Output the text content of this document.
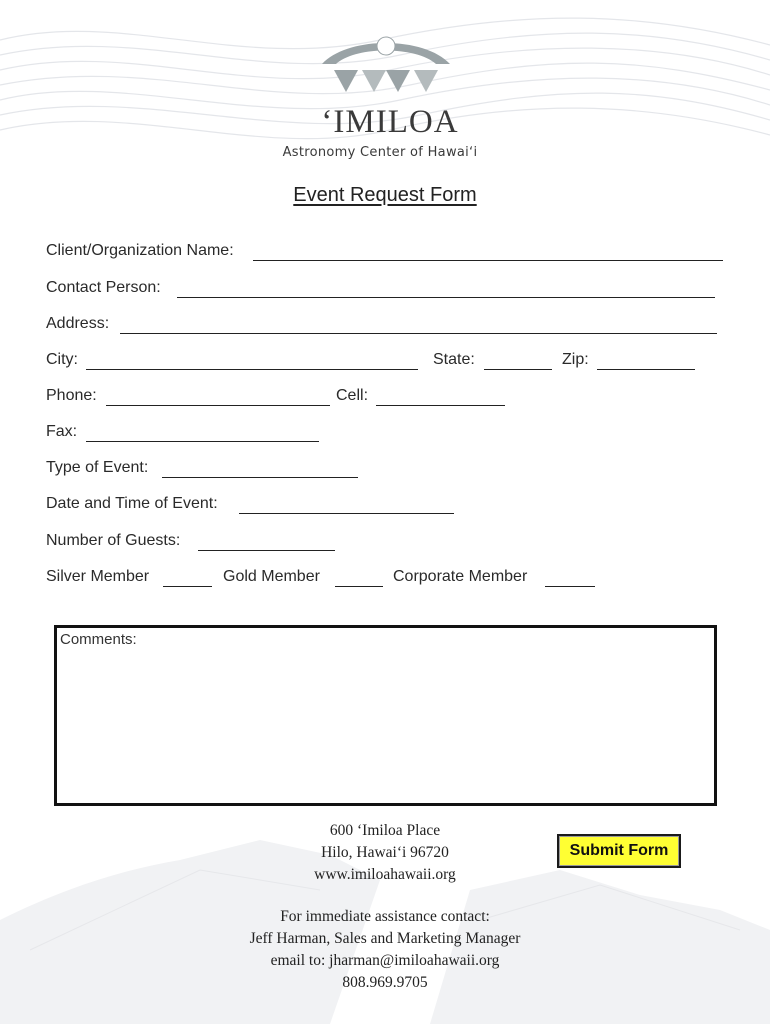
ʻIMILOA
Astronomy Center of Hawaiʻi
Event Request Form
Client/Organization Name:
Contact Person:
Address:
City:	State:	Zip:
Phone:	Cell:
Fax:
Type of Event:
Date and Time of Event:
Number of Guests:
Silver Member	Gold Member	Corporate Member
Comments:
600 ʻImiloa Place
Hilo, Hawaiʻi 96720
www.imiloahawaii.org
Submit Form
For immediate assistance contact:
Jeff Harman, Sales and Marketing Manager
email to: jharman@imiloahawaii.org
808.969.9705
